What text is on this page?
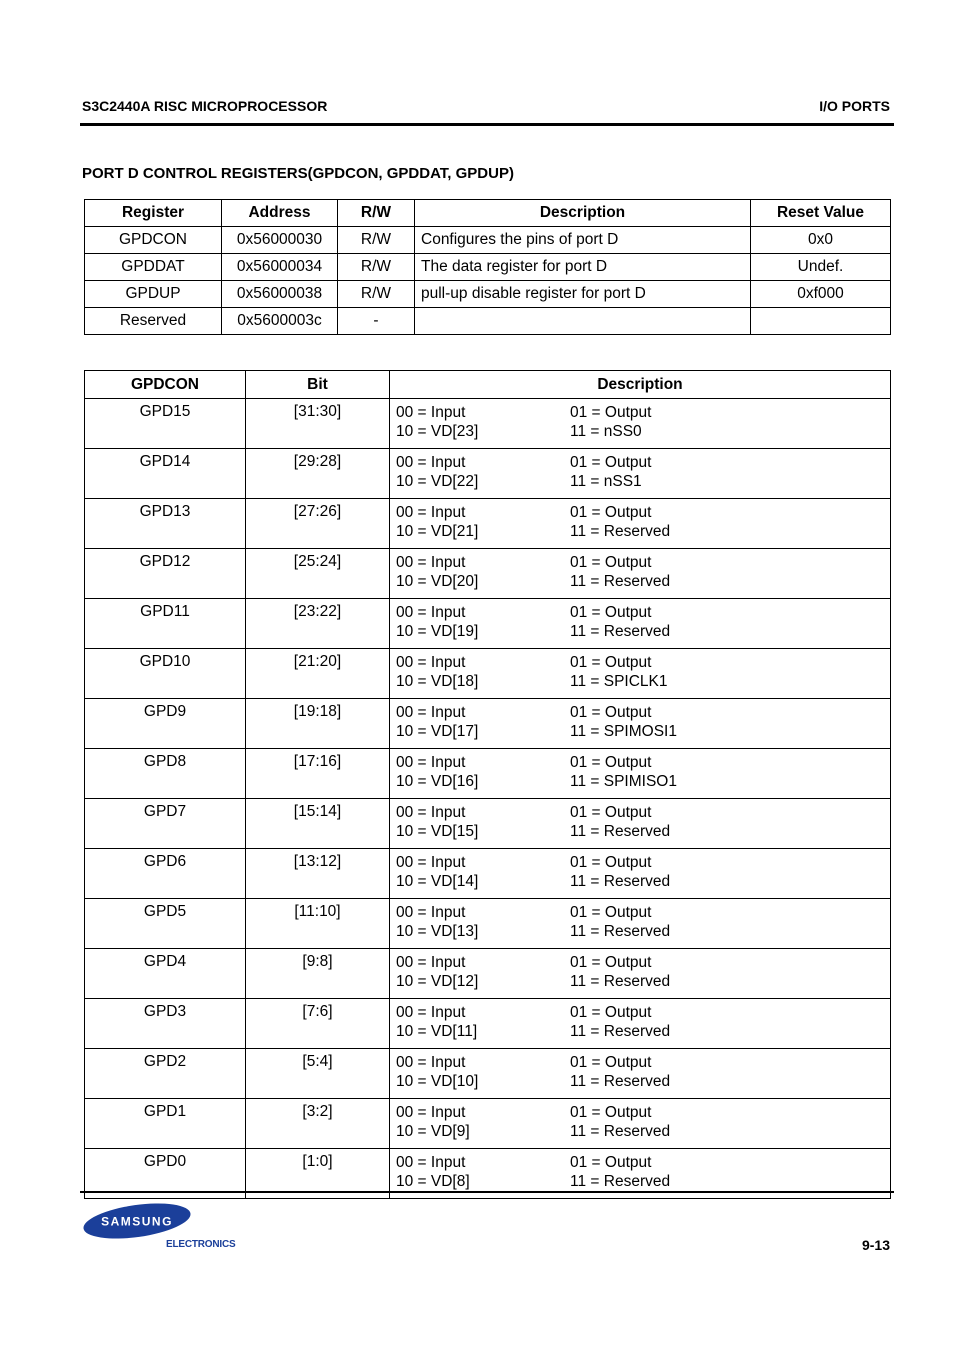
S3C2440A RISC MICROPROCESSOR	I/O PORTS
PORT D CONTROL REGISTERS(GPDCON, GPDDAT, GPDUP)
Register	Address	R/W	Description	Reset Value
GPDCON	0x56000030	R/W	Configures the pins of port D	0x0
GPDDAT	0x56000034	R/W	The data register for port D	Undef.
GPDUP	0x56000038	R/W	pull-up disable register for port D	0xf000
Reserved	0x5600003c	-		
GPDCON	Bit	Description
GPD15	[31:30]	00 = Input 01 = Output
10 = VD[23] 11 = nSS0

GPD14	[29:28]	00 = Input 01 = Output
10 = VD[22] 11 = nSS1

GPD13	[27:26]	00 = Input 01 = Output
10 = VD[21] 11 = Reserved

GPD12	[25:24]	00 = Input 01 = Output
10 = VD[20] 11 = Reserved

GPD11	[23:22]	00 = Input 01 = Output
10 = VD[19] 11 = Reserved

GPD10	[21:20]	00 = Input 01 = Output
10 = VD[18] 11 = SPICLK1

GPD9	[19:18]	00 = Input 01 = Output
10 = VD[17] 11 = SPIMOSI1

GPD8	[17:16]	00 = Input 01 = Output
10 = VD[16] 11 = SPIMISO1

GPD7	[15:14]	00 = Input 01 = Output
10 = VD[15] 11 = Reserved

GPD6	[13:12]	00 = Input 01 = Output
10 = VD[14] 11 = Reserved

GPD5	[11:10]	00 = Input 01 = Output
10 = VD[13] 11 = Reserved

GPD4	[9:8]	00 = Input 01 = Output
10 = VD[12] 11 = Reserved

GPD3	[7:6]	00 = Input 01 = Output
10 = VD[11] 11 = Reserved

GPD2	[5:4]	00 = Input 01 = Output
10 = VD[10] 11 = Reserved

GPD1	[3:2]	00 = Input 01 = Output
10 = VD[9] 11 = Reserved

GPD0	[1:0]	00 = Input 01 = Output
10 = VD[8] 11 = Reserved
SAMSUNG
ELECTRONICS	9-13
